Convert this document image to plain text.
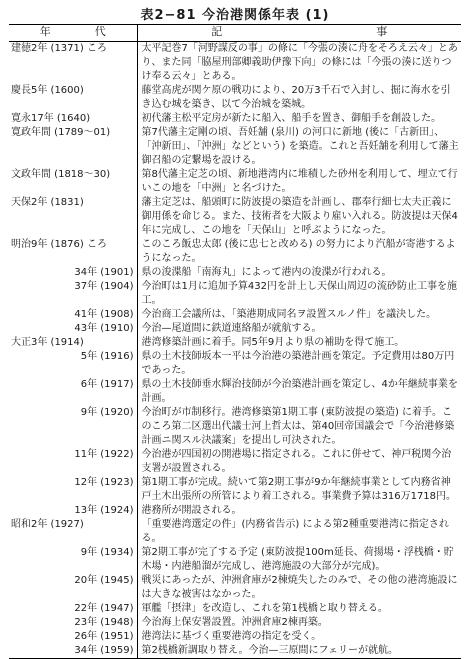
表2−81 今治港関係年表 (1)
年　　　　代	記　　　　　　　　　　　　　　事
建徳2年 (1371) ころ	太平記巻7「河野謀反の事」の條に「今張の湊に舟をそろえ云々」とあり、また同「脇屋刑部卿義助伊豫下向」の條には「今張の湊に送りつけ奉る云々」とある。
慶長5年 (1600)	藤堂高虎が関ケ原の戦功により、20万3千石で入封し、掘に海水を引き込む城を築き、以て今治城を築城。
寛永17年 (1640)	初代藩主松平定房が新たに船入、船手を置き、御船手を創設した。
寛政年間 (1789〜01)	第7代藩主定剛の頃、吾妊舗 (泉川) の河口に新地 (後に「古新田」、「沖新田」、「沖洲」などという) を築造。これと吾妊舗を利用して藩主御召船の定繋場を設ける。
文政年間 (1818〜30)	第8代藩主定芝の頃、新地港湾内に堆積した砂州を利用して、埋立て行いこの地を「中洲」と名づけた。
天保2年 (1831)	藩主定芝は、船頭町に防波提の築造を計画し、郡奉行細七太夫正義に御用係を命じる。また、技術者を大阪より雇い入れる。防波提は天保4年に完成し、この地を「天保山」と呼ぶようになった。
明治9年 (1876) ころ	このころ飯忠太郎 (後に忠七と改める) の努力により汽船が寄港するようになった。
34年 (1901)	県の浚渫船「南海丸」によって港内の浚渫が行われる。
37年 (1904)	今治町は1月に追加予算432円を計上し天保山周辺の流砂防止工事を施工。
41年 (1908)	今治商工会議所は、「築港期成同名ヲ設置スルノ件」を議決した。
43年 (1910)	今治—尾道間に鉄道連絡船が就航する。
大正3年 (1914)	港湾修築計画に着手。同5年9月より県の補助を得て施工。
5年 (1916)	県の土木技師坂本一平は今治港の築港計画を策定。予定費用は80万円であった。
6年 (1917)	県の土木技師垂水輝治技師が今治築港計画を策定し、4か年継続事業を計画。
9年 (1920)	今治町が市制移行。港湾修築第1期工事 (東防波提の築造) に着手。このころ第二区選出代議士河上哲太は、第40回帝国議会で「今治港修築計画ニ関スル決議案」を提出し可決された。
11年 (1922)	今治港が四国初の開港場に指定される。これに併せて、神戸税関今治支署が設置される。
12年 (1923)	第1期工事が完成。続いて第2期工事が9か年継続事業として内務省神戸土木出張所の所管により着工される。事業費予算は316万1718円。
13年 (1924)	港務所が開設される。
昭和2年 (1927)	「重要港湾選定の件」(内務省告示) による第2種重要港湾に指定される。
9年 (1934)	第2期工事が完了する予定 (東防波提100m延長、荷揚場・浮桟橋・貯木場・内港船溜が完成し、港湾施設の大部分が完成)。
20年 (1945)	戦災にあったが、沖洲倉庫が2棟焼失したのみで、その他の港湾施設には大きな被害はなかった。
22年 (1947)	軍艦「摂津」を改造し、これを第1桟橋と取り替える。
23年 (1948)	今治海上保安署設置。沖洲倉庫2棟再築。
26年 (1951)	港湾法に基づく重要港湾の指定を受く。
34年 (1959)	第2桟橋新調取り替え。今治—三原間にフェリーが就航。
